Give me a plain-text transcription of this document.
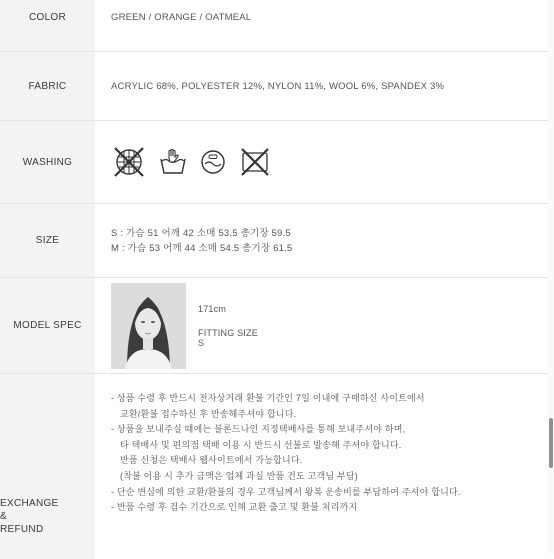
COLOR	GREEN / ORANGE / OATMEAL
FABRIC	ACRYLIC 68%, POLYESTER 12%, NYLON 11%, WOOL 6%, SPANDEX 3%
WASHING
SIZE
S : 가슴 51 어깨 42 소매 53.5 총기장 59.5
M : 가슴 53 어깨 44 소매 54.5 총기장 61.5
MODEL SPEC
171cm
FITTING SIZE
S
EXCHANGE
&
REFUND
- 상품 수령 후 반드시 전자상거래 환불 기간인 7일 이내에 구매하신 사이트에서
교환/환불 접수하신 후 반송해주셔야 합니다.
- 상품을 보내주실 때에는 블론드나인 지정택배사를 통해 보내주셔야 하며,
타 택배사 및 편의점 택배 이용 시 반드시 선불로 발송해 주셔야 합니다.
반품 신청은 택배사 웹사이트에서 가능합니다.
(착불 이용 시 추가 금액은 업체 과실 반품 건도 고객님 부담)
- 단순 변심에 의한 교환/환불의 경우 고객님께서 왕복 운송비를 부담하여 주셔야 합니다.
- 반품 수령 후 검수 기간으로 인해 교환 출고 및 환불 처리까지
